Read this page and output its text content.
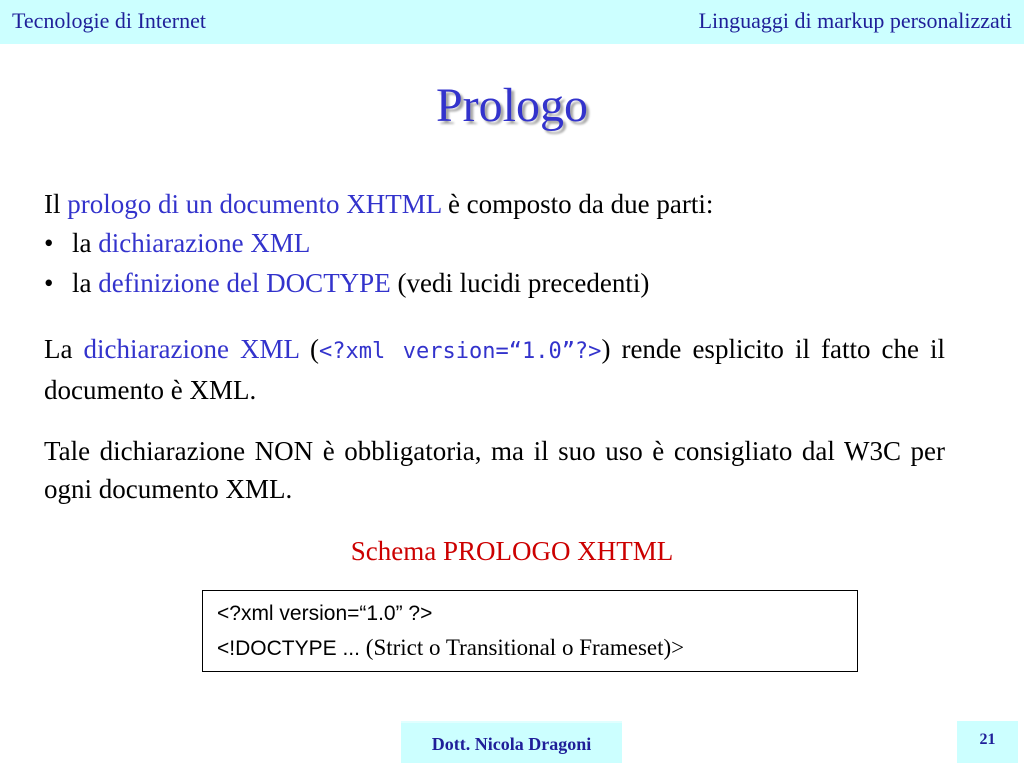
Tecnologie di Internet	Linguaggi di markup personalizzati
Prologo
Il prologo di un documento XHTML è composto da due parti:
• la dichiarazione XML
• la definizione del DOCTYPE (vedi lucidi precedenti)
La dichiarazione XML (<?xml version=“1.0”?>) rende esplicito il fatto che il documento è XML.
Tale dichiarazione NON è obbligatoria, ma il suo uso è consigliato dal W3C per ogni documento XML.
Schema PROLOGO XHTML
<?xml version=“1.0” ?>
<!DOCTYPE ... (Strict o Transitional o Frameset)>
Dott. Nicola Dragoni	21
